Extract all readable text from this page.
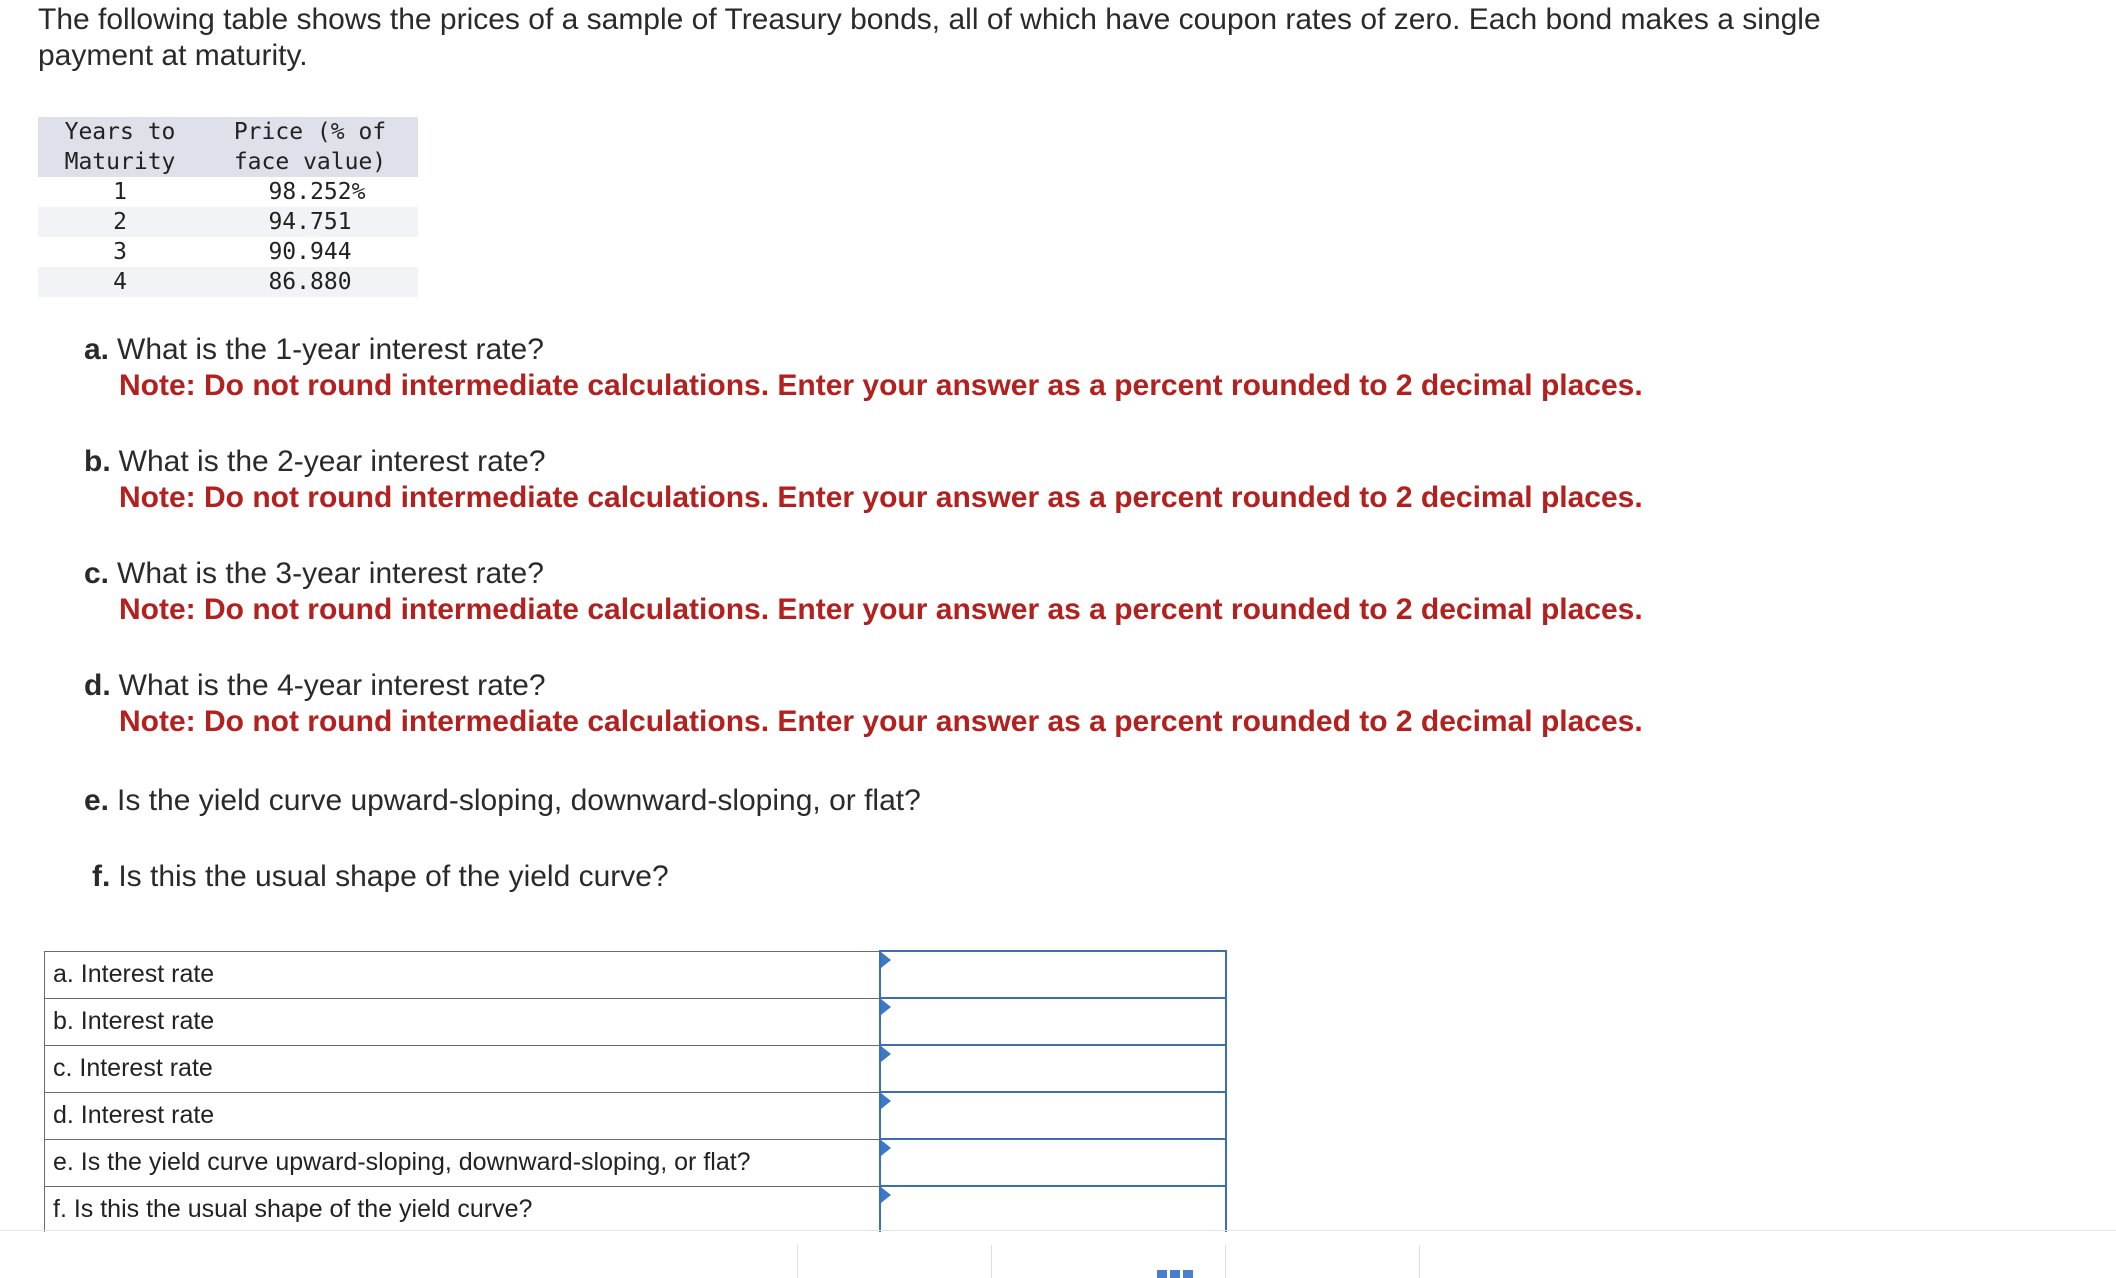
The following table shows the prices of a sample of Treasury bonds, all of which have coupon rates of zero. Each bond makes a single
payment at maturity.
Years to
Maturity	Price (% of
face value)
1	98.252%
2	94.751
3	90.944
4	86.880
a. What is the 1-year interest rate?
Note: Do not round intermediate calculations. Enter your answer as a percent rounded to 2 decimal places.
b. What is the 2-year interest rate?
Note: Do not round intermediate calculations. Enter your answer as a percent rounded to 2 decimal places.
c. What is the 3-year interest rate?
Note: Do not round intermediate calculations. Enter your answer as a percent rounded to 2 decimal places.
d. What is the 4-year interest rate?
Note: Do not round intermediate calculations. Enter your answer as a percent rounded to 2 decimal places.
e. Is the yield curve upward-sloping, downward-sloping, or flat?
f. Is this the usual shape of the yield curve?
a. Interest rate	

b. Interest rate	

c. Interest rate	

d. Interest rate	

e. Is the yield curve upward-sloping, downward-sloping, or flat?	

f. Is this the usual shape of the yield curve?	
